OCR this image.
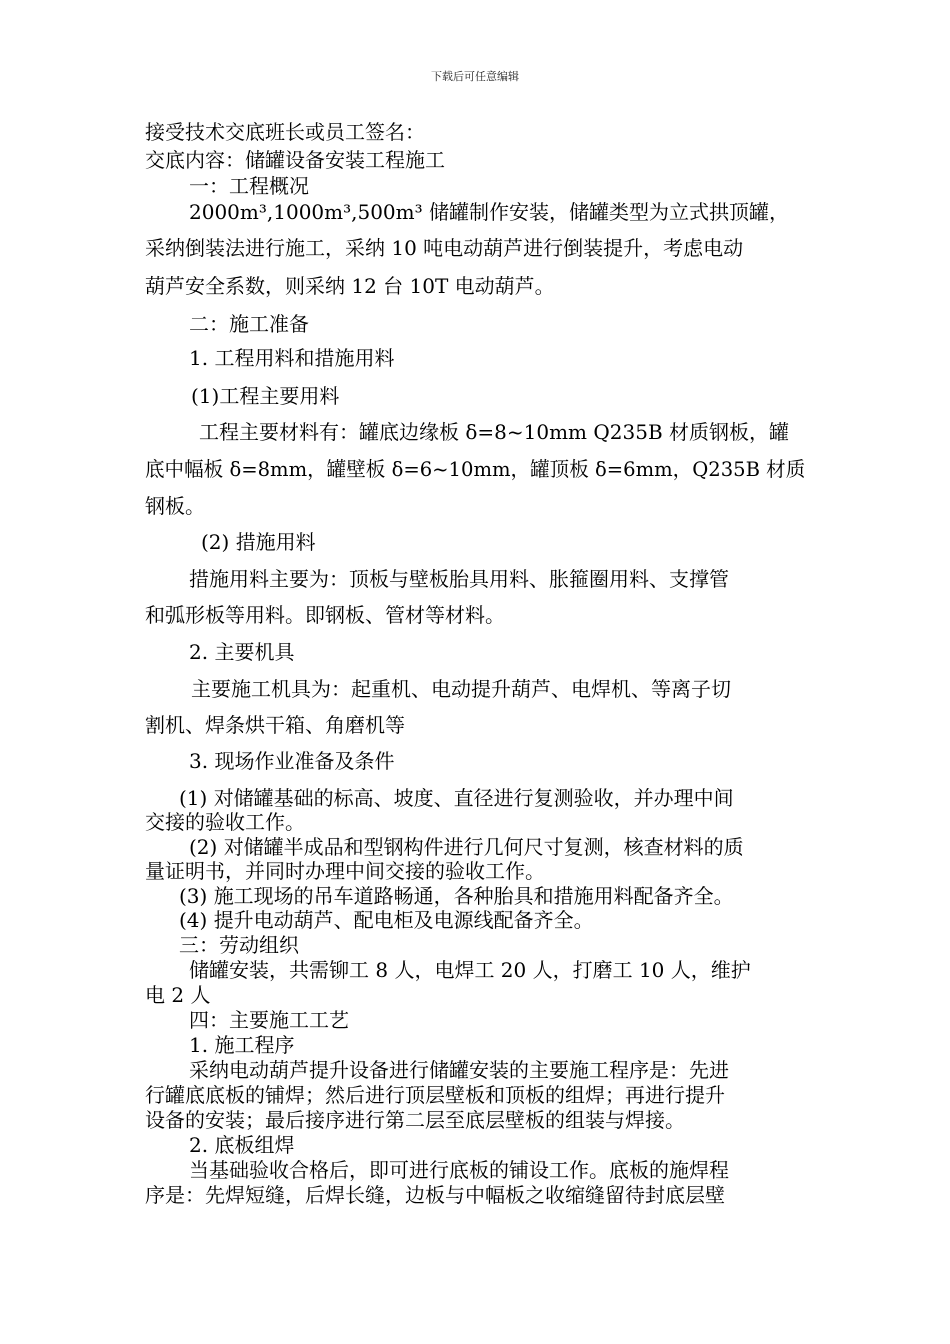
下载后可任意编辑
接受技术交底班长或员工签名：
交底内容：储罐设备安装工程施工
一：工程概况
2000m³,1000m³,500m³ 储罐制作安装，储罐类型为立式拱顶罐，
采纳倒装法进行施工，采纳 10 吨电动葫芦进行倒装提升，考虑电动
葫芦安全系数，则采纳 12 台 10T 电动葫芦。
二：施工准备
1. 工程用料和措施用料
(1)工程主要用料
工程主要材料有：罐底边缘板 δ=8~10mm Q235B 材质钢板，罐
底中幅板 δ=8mm，罐壁板 δ=6~10mm，罐顶板 δ=6mm，Q235B 材质
钢板。
(2) 措施用料
措施用料主要为：顶板与壁板胎具用料、胀箍圈用料、支撑管
和弧形板等用料。即钢板、管材等材料。
2. 主要机具
主要施工机具为：起重机、电动提升葫芦、电焊机、等离子切
割机、焊条烘干箱、角磨机等
3. 现场作业准备及条件
(1) 对储罐基础的标高、坡度、直径进行复测验收，并办理中间
交接的验收工作。
(2) 对储罐半成品和型钢构件进行几何尺寸复测，核查材料的质
量证明书，并同时办理中间交接的验收工作。
(3) 施工现场的吊车道路畅通，各种胎具和措施用料配备齐全。
(4) 提升电动葫芦、配电柜及电源线配备齐全。
三：劳动组织
储罐安装，共需铆工 8 人，电焊工 20 人，打磨工 10 人，维护
电 2 人
四：主要施工工艺
1. 施工程序
采纳电动葫芦提升设备进行储罐安装的主要施工程序是：先进
行罐底底板的铺焊；然后进行顶层壁板和顶板的组焊；再进行提升
设备的安装；最后接序进行第二层至底层壁板的组装与焊接。
2. 底板组焊
当基础验收合格后，即可进行底板的铺设工作。底板的施焊程
序是：先焊短缝，后焊长缝，边板与中幅板之收缩缝留待封底层壁
